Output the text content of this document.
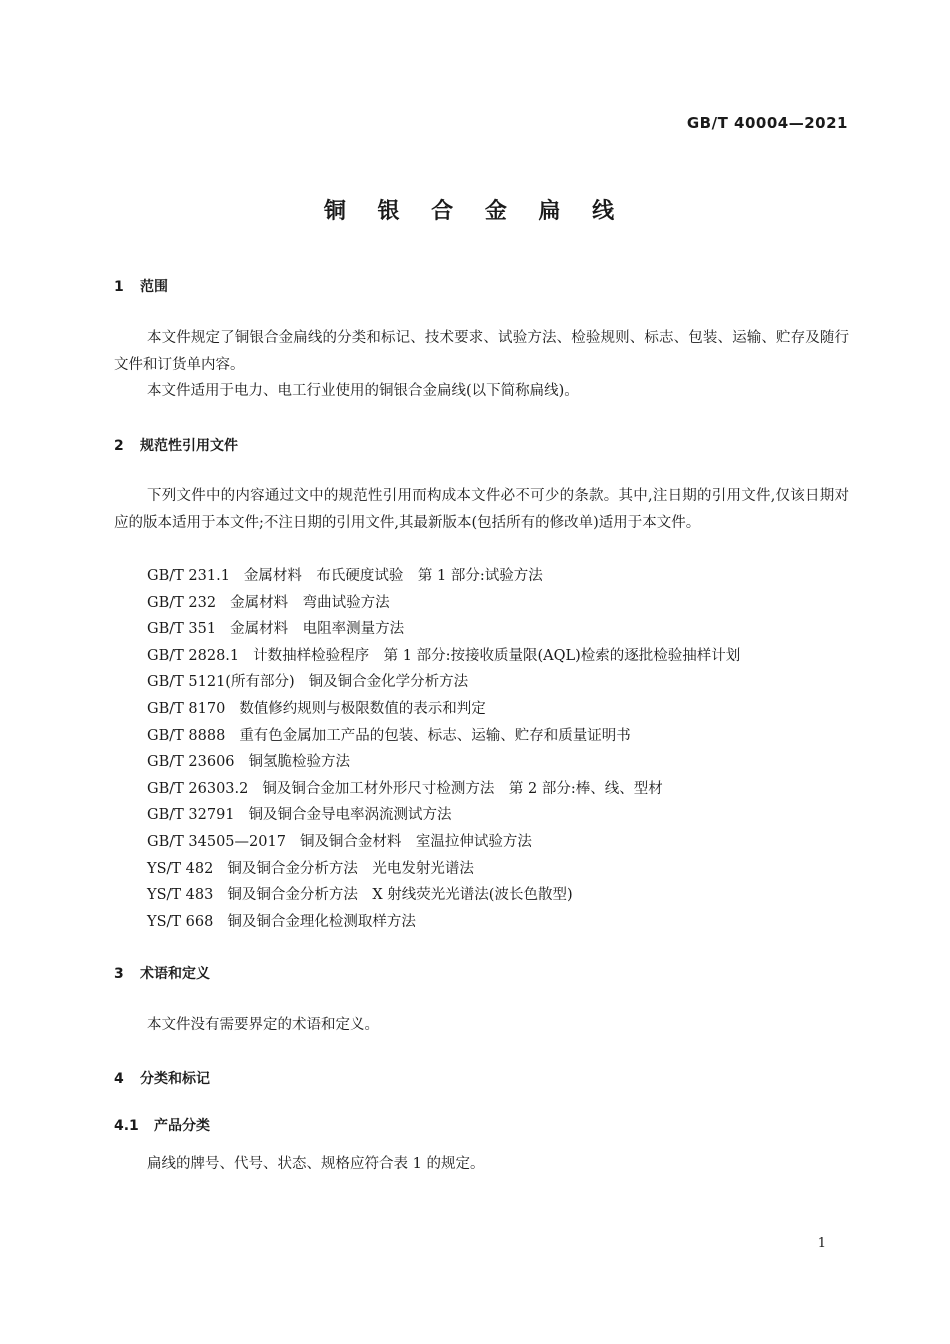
GB/T 40004—2021
铜 银 合 金 扁 线
1 范围
本文件规定了铜银合金扁线的分类和标记、技术要求、试验方法、检验规则、标志、包装、运输、贮存及随行文件和订货单内容。
本文件适用于电力、电工行业使用的铜银合金扁线(以下简称扁线)。
2 规范性引用文件
下列文件中的内容通过文中的规范性引用而构成本文件必不可少的条款。其中,注日期的引用文件,仅该日期对应的版本适用于本文件;不注日期的引用文件,其最新版本(包括所有的修改单)适用于本文件。
GB/T 231.1 金属材料　布氏硬度试验　第 1 部分:试验方法
GB/T 232 金属材料　弯曲试验方法
GB/T 351 金属材料　电阻率测量方法
GB/T 2828.1 计数抽样检验程序　第 1 部分:按接收质量限(AQL)检索的逐批检验抽样计划
GB/T 5121(所有部分) 铜及铜合金化学分析方法
GB/T 8170 数值修约规则与极限数值的表示和判定
GB/T 8888 重有色金属加工产品的包装、标志、运输、贮存和质量证明书
GB/T 23606 铜氢脆检验方法
GB/T 26303.2 铜及铜合金加工材外形尺寸检测方法　第 2 部分:棒、线、型材
GB/T 32791 铜及铜合金导电率涡流测试方法
GB/T 34505—2017 铜及铜合金材料　室温拉伸试验方法
YS/T 482 铜及铜合金分析方法　光电发射光谱法
YS/T 483 铜及铜合金分析方法　X 射线荧光光谱法(波长色散型)
YS/T 668 铜及铜合金理化检测取样方法
3 术语和定义
本文件没有需要界定的术语和定义。
4 分类和标记
4.1 产品分类
扁线的牌号、代号、状态、规格应符合表 1 的规定。
1
